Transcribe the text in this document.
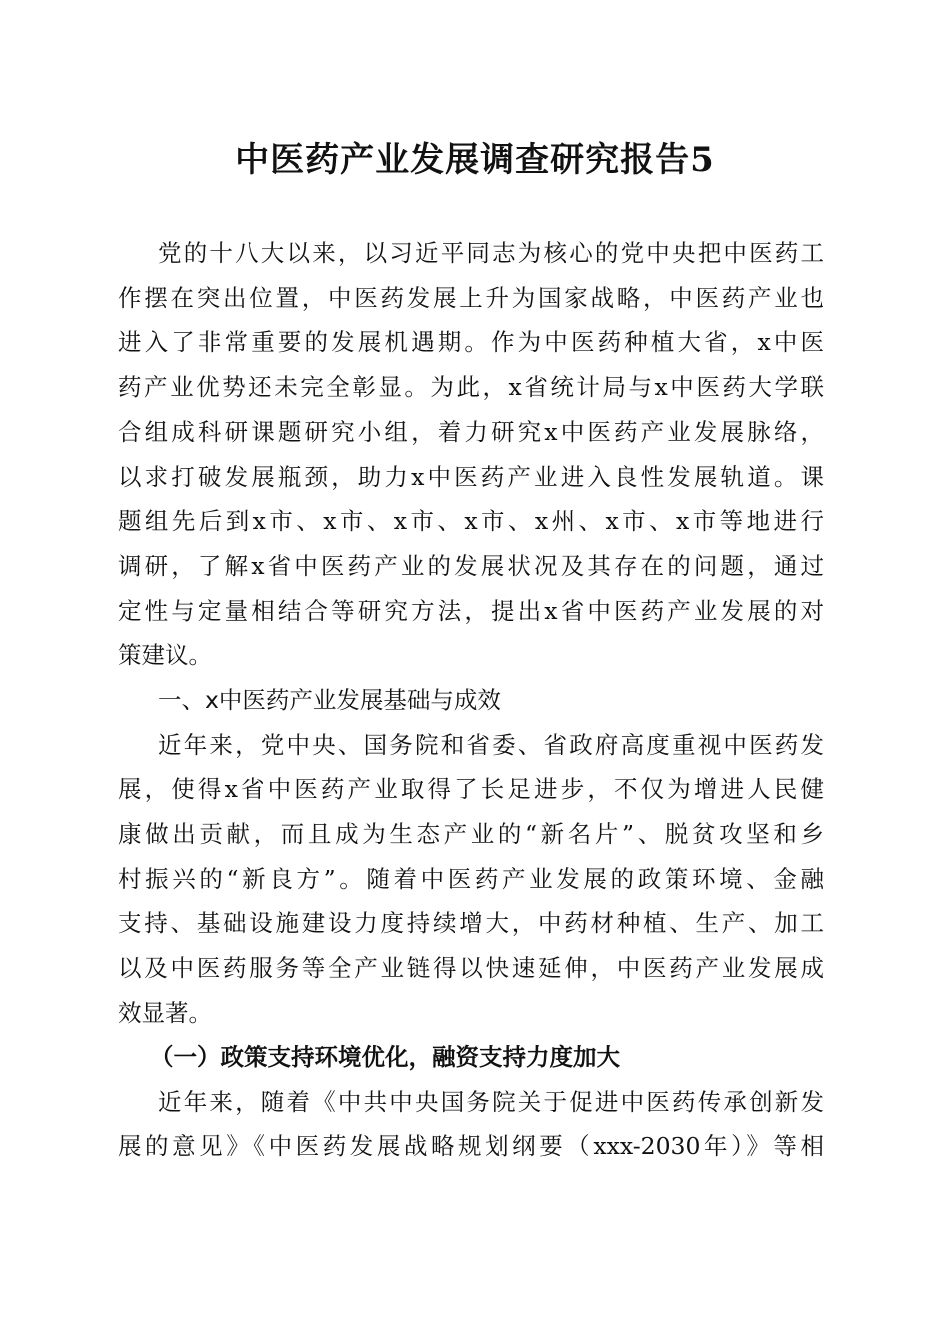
中医药产业发展调查研究报告5
党的十八大以来，以习近平同志为核心的党中央把中医药工
作摆在突出位置，中医药发展上升为国家战略，中医药产业也
进入了非常重要的发展机遇期。作为中医药种植大省，x中医
药产业优势还未完全彰显。为此，x省统计局与x中医药大学联
合组成科研课题研究小组，着力研究x中医药产业发展脉络，
以求打破发展瓶颈，助力x中医药产业进入良性发展轨道。课
题组先后到x市、x市、x市、x市、x州、x市、x市等地进行
调研，了解x省中医药产业的发展状况及其存在的问题，通过
定性与定量相结合等研究方法，提出x省中医药产业发展的对
策建议。
一、x中医药产业发展基础与成效
近年来，党中央、国务院和省委、省政府高度重视中医药发
展，使得x省中医药产业取得了长足进步，不仅为增进人民健
康做出贡献，而且成为生态产业的“新名片”、脱贫攻坚和乡
村振兴的“新良方”。随着中医药产业发展的政策环境、金融
支持、基础设施建设力度持续增大，中药材种植、生产、加工
以及中医药服务等全产业链得以快速延伸，中医药产业发展成
效显著。
（一）政策支持环境优化，融资支持力度加大
近年来，随着《中共中央国务院关于促进中医药传承创新发
展的意见》《中医药发展战略规划纲要（xxx-2030年）》等相
